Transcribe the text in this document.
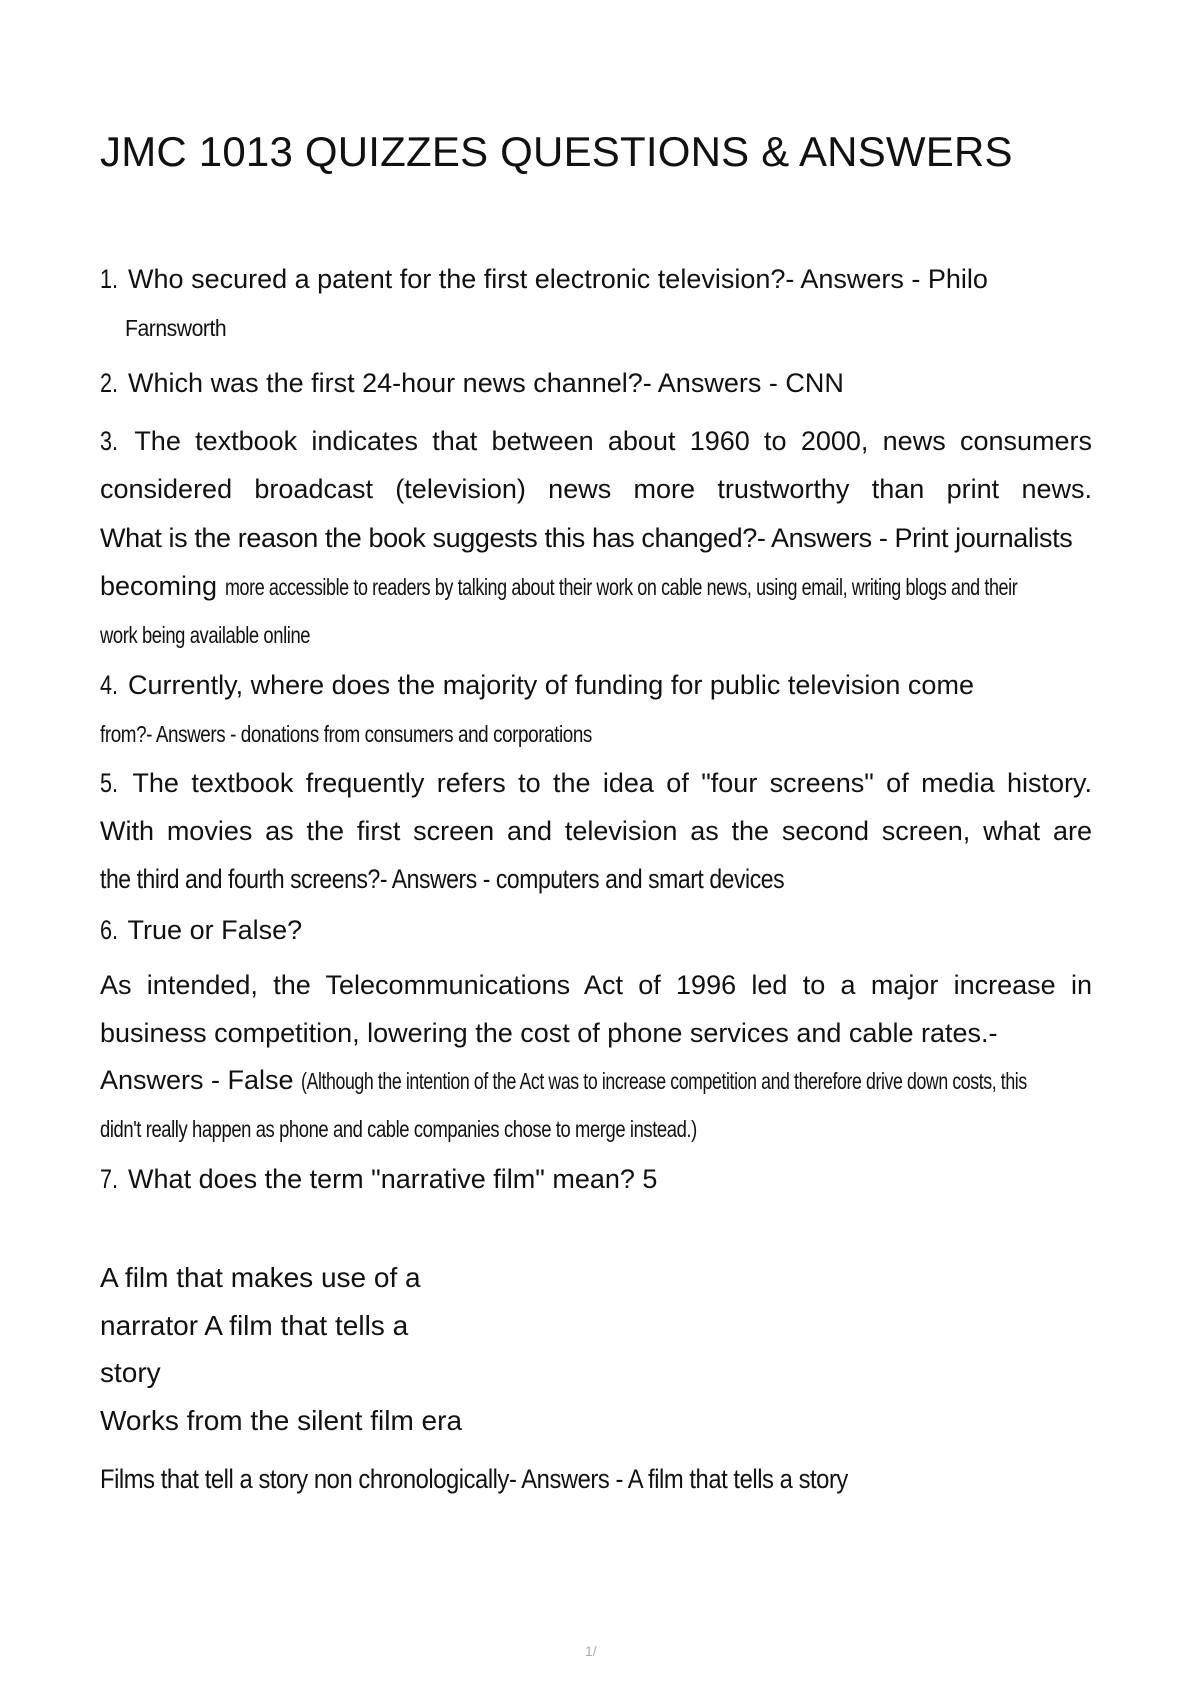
JMC 1013 QUIZZES QUESTIONS & ANSWERS
1. Who secured a patent for the first electronic television?- Answers - Philo
Farnsworth
2. Which was the first 24-hour news channel?- Answers - CNN
3. The textbook indicates that between about 1960 to 2000, news consumers
considered broadcast (television) news more trustworthy than print news.
What is the reason the book suggests this has changed?- Answers - Print journalists
becoming more accessible to readers by talking about their work on cable news, using email, writing blogs and their
work being available online
4. Currently, where does the majority of funding for public television come
from?- Answers - donations from consumers and corporations
5. The textbook frequently refers to the idea of "four screens" of media history.
With movies as the first screen and television as the second screen, what are
the third and fourth screens?- Answers - computers and smart devices
6. True or False?
As intended, the Telecommunications Act of 1996 led to a major increase in
business competition, lowering the cost of phone services and cable rates.-
Answers - False (Although the intention of the Act was to increase competition and therefore drive down costs, this
didn't really happen as phone and cable companies chose to merge instead.)
7. What does the term "narrative film" mean? 5
A film that makes use of a
narrator A film that tells a
story
Works from the silent film era
Films that tell a story non chronologically- Answers - A film that tells a story
1/
